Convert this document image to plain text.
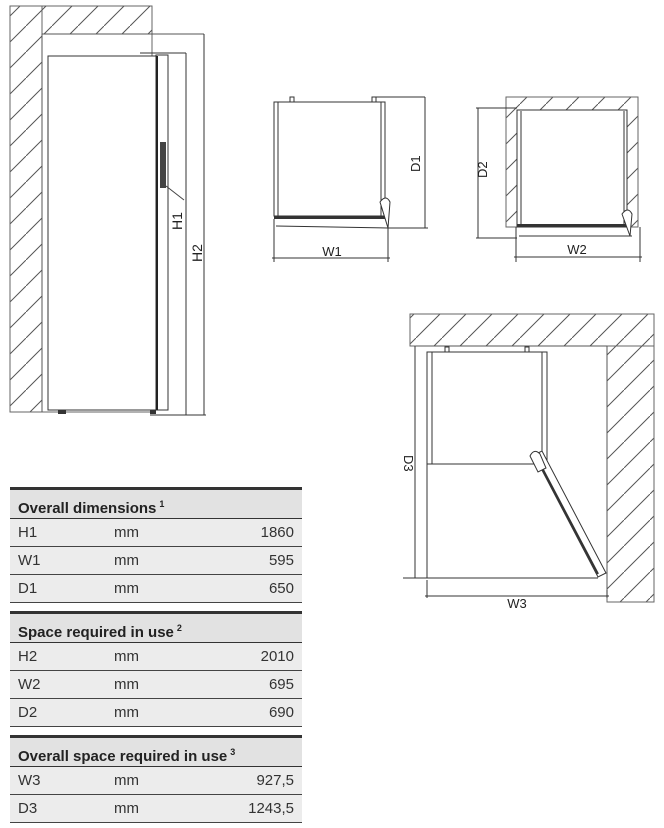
H1
H2	W1
D1
W2
D2
W3
D3
Overall dimensions $^1$
H1	mm	1860
W1	mm	595
D1	mm	650
Space required in use $^2$
H2	mm	2010
W2	mm	695
D2	mm	690
Overall space required in use $^3$
W3	mm	927,5
D3	mm	1243,5
